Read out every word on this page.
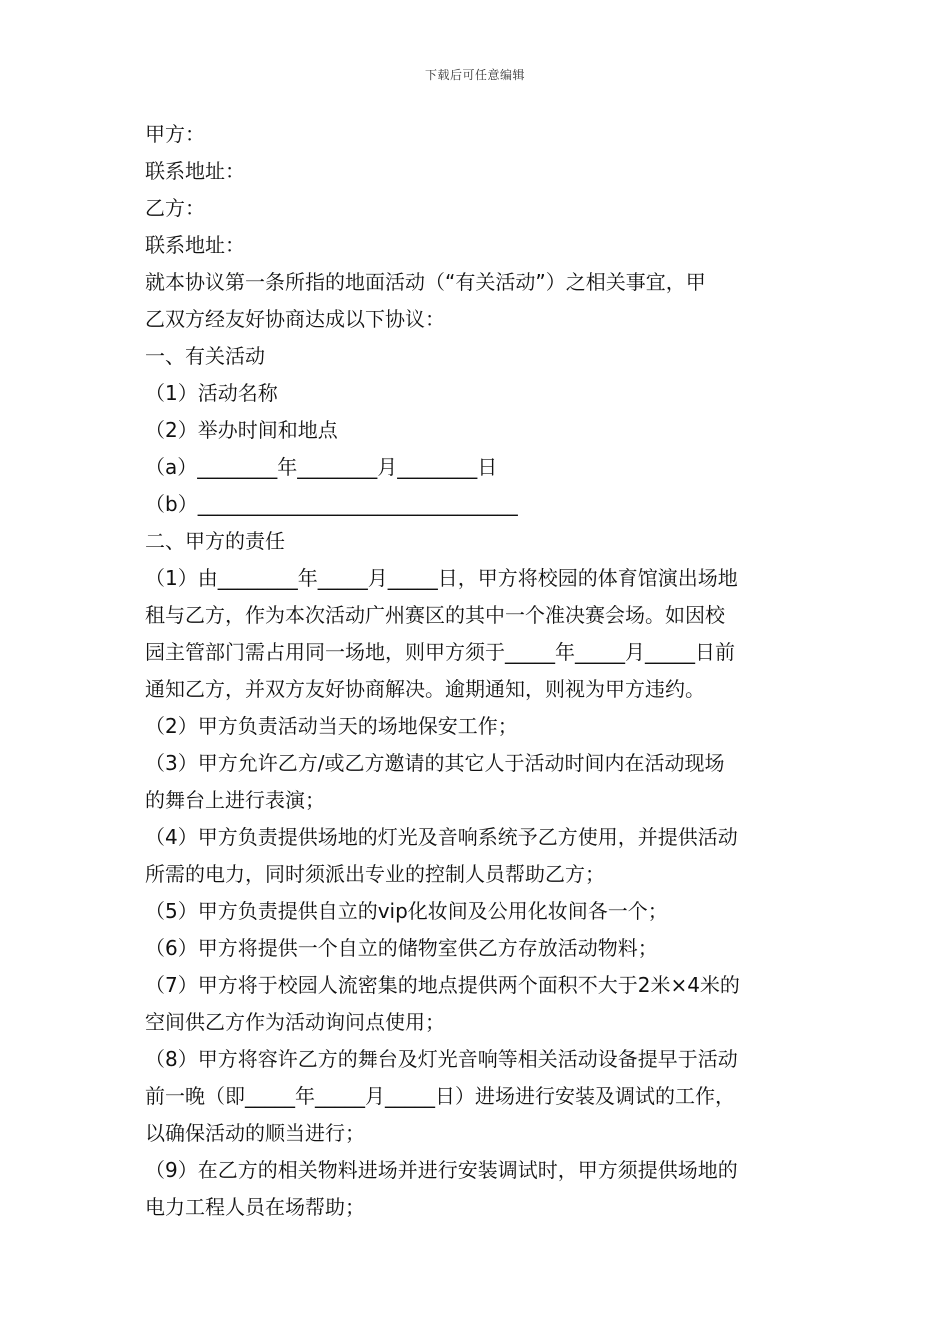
下载后可任意编辑
甲方：
联系地址：
乙方：
联系地址：
就本协议第一条所指的地面活动（“有关活动”）之相关事宜，甲
乙双方经友好协商达成以下协议：
一、有关活动
（1）活动名称
（2）举办时间和地点
（a）________年________月________日
（b）________________________________
二、甲方的责任
（1）由________年_____月_____日，甲方将校园的体育馆演出场地
租与乙方，作为本次活动广州赛区的其中一个准决赛会场。如因校
园主管部门需占用同一场地，则甲方须于_____年_____月_____日前
通知乙方，并双方友好协商解决。逾期通知，则视为甲方违约。
（2）甲方负责活动当天的场地保安工作；
（3）甲方允许乙方/或乙方邀请的其它人于活动时间内在活动现场
的舞台上进行表演；
（4）甲方负责提供场地的灯光及音响系统予乙方使用，并提供活动
所需的电力，同时须派出专业的控制人员帮助乙方；
（5）甲方负责提供自立的vip化妆间及公用化妆间各一个；
（6）甲方将提供一个自立的储物室供乙方存放活动物料；
（7）甲方将于校园人流密集的地点提供两个面积不大于2米×4米的
空间供乙方作为活动询问点使用；
（8）甲方将容许乙方的舞台及灯光音响等相关活动设备提早于活动
前一晚（即_____年_____月_____日）进场进行安装及调试的工作，
以确保活动的顺当进行；
（9）在乙方的相关物料进场并进行安装调试时，甲方须提供场地的
电力工程人员在场帮助；
